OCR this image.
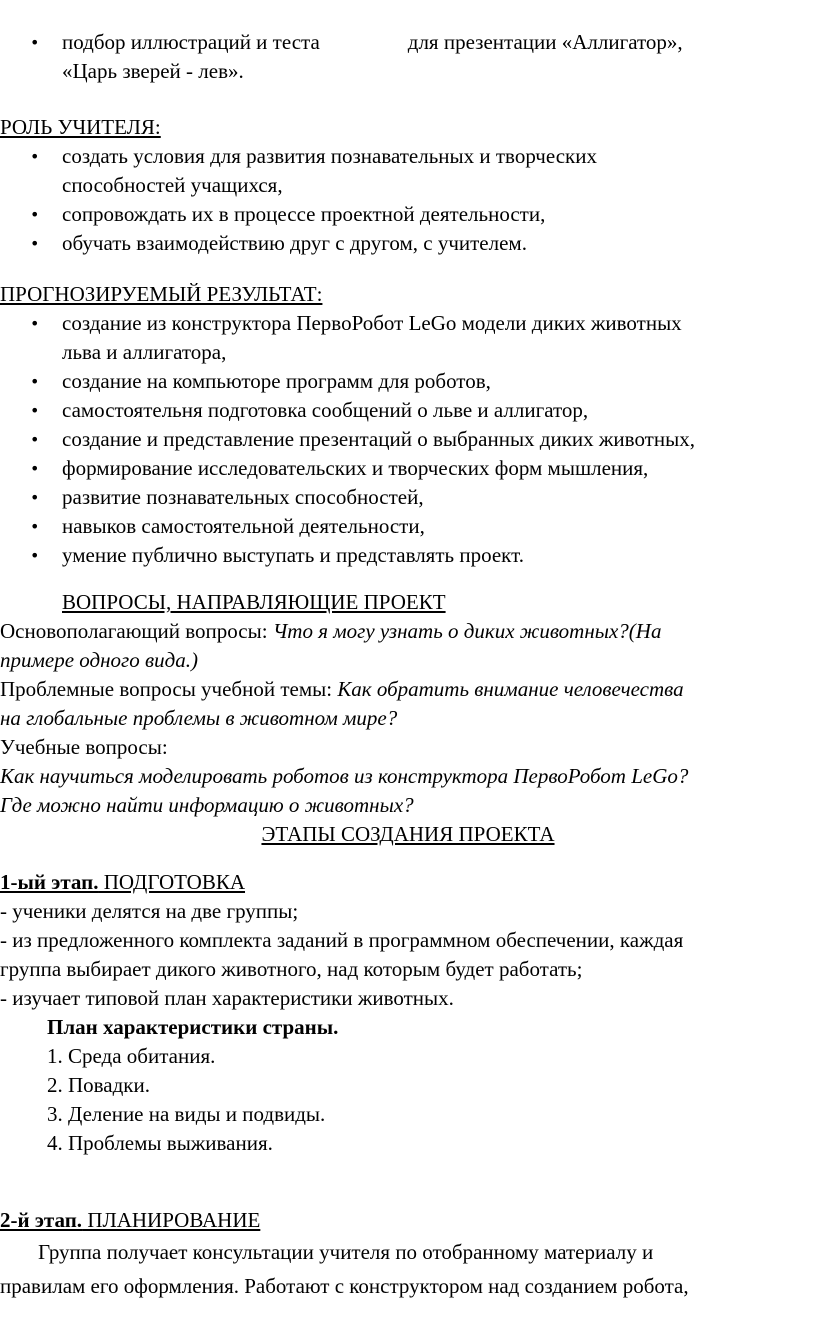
• подбор иллюстраций и теста	для презентации «Аллигатор»,
«Царь зверей - лев».
РОЛЬ УЧИТЕЛЯ:
• создать условия для развития познавательных и творческих
способностей учащихся,
• сопровождать их в процессе проектной деятельности,
• обучать взаимодействию друг с другом, с учителем.
ПРОГНОЗИРУЕМЫЙ РЕЗУЛЬТАТ:
• создание из конструктора ПервоРобот LeGo модели диких животных
льва и аллигатора,
• создание на компьюторе программ для роботов,
• самостоятельня подготовка сообщений о льве и аллигатор,
• создание и представление презентаций о выбранных диких животных,
• формирование исследовательских и творческих форм мышления,
• развитие познавательных способностей,
• навыков самостоятельной деятельности,
• умение публично выступать и представлять проект.
ВОПРОСЫ, НАПРАВЛЯЮЩИЕ ПРОЕКТ
Основополагающий вопросы: Что я могу узнать о диких животных?(На
примере одного вида.)
Проблемные вопросы учебной темы: Как обратить внимание человечества
на глобальные проблемы в животном мире?
Учебные вопросы:
Как научиться моделировать роботов из конструктора ПервоРобот LeGo?
Где можно найти информацию о животных?
ЭТАПЫ СОЗДАНИЯ ПРОЕКТА
1-ый этап. ПОДГОТОВКА
- ученики делятся на две группы;
- из предложенного комплекта заданий в программном обеспечении, каждая
группа выбирает дикого животного, над которым будет работать;
- изучает типовой план характеристики животных.
План характеристики страны.
1. Среда обитания.
2. Повадки.
3. Деление на виды и подвиды.
4. Проблемы выживания.
2-й этап. ПЛАНИРОВАНИЕ
Группа получает консультации учителя по отобранному материалу и
правилам его оформления. Работают с конструктором над созданием робота,
